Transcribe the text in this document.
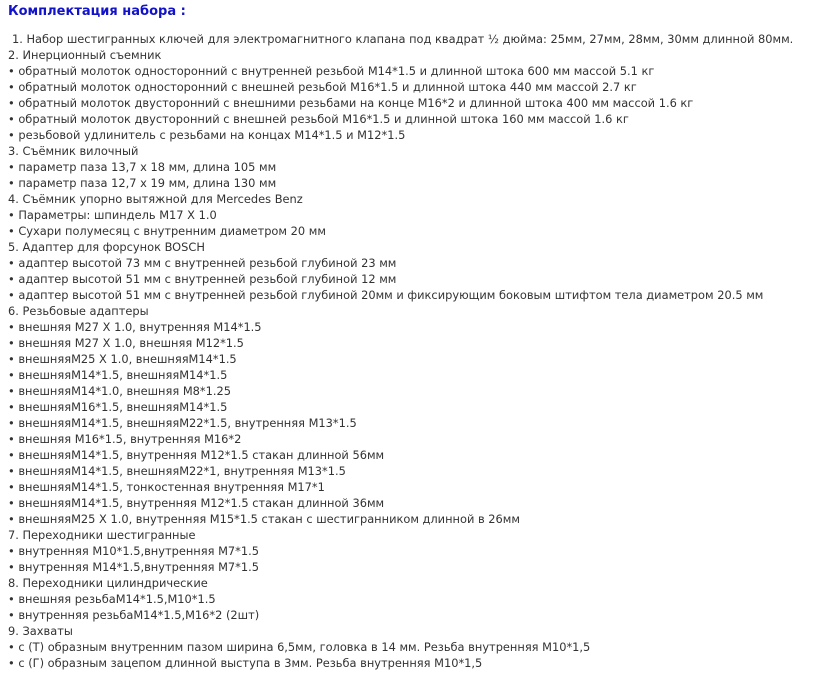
Комплектация набора :
1. Набор шестигранных ключей для электромагнитного клапана под квадрат ½ дюйма: 25мм, 27мм, 28мм, 30мм длинной 80мм.
2. Инерционный съемник
• обратный молоток односторонний с внутренней резьбой М14*1.5 и длинной штока 600 мм массой 5.1 кг
• обратный молоток односторонний с внешней резьбой М16*1.5 и длинной штока 440 мм массой 2.7 кг
• обратный молоток двусторонний с внешними резьбами на конце М16*2 и длинной штока 400 мм массой 1.6 кг
• обратный молоток двусторонний с внешней резьбой М16*1.5 и длинной штока 160 мм массой 1.6 кг
• резьбовой удлинитель с резьбами на концах М14*1.5 и М12*1.5
3. Съёмник вилочный
• параметр паза 13,7 х 18 мм, длина 105 мм
• параметр паза 12,7 х 19 мм, длина 130 мм
4. Съёмник упорно вытяжной для Mercedes Benz
• Параметры: шпиндель М17 X 1.0
• Сухари полумесяц с внутренним диаметром 20 мм
5. Адаптер для форсунок BOSCH
• адаптер высотой 73 мм с внутренней резьбой глубиной 23 мм
• адаптер высотой 51 мм с внутренней резьбой глубиной 12 мм
• адаптер высотой 51 мм с внутренней резьбой глубиной 20мм и фиксирующим боковым штифтом тела диаметром 20.5 мм
6. Резьбовые адаптеры
• внешняя М27 X 1.0, внутренняя М14*1.5
• внешняя М27 X 1.0, внешняя М12*1.5
• внешняяМ25 X 1.0, внешняяМ14*1.5
• внешняяМ14*1.5, внешняяМ14*1.5
• внешняяМ14*1.0, внешняя М8*1.25
• внешняяМ16*1.5, внешняяМ14*1.5
• внешняяМ14*1.5, внешняяМ22*1.5, внутренняя М13*1.5
• внешняя М16*1.5, внутренняя М16*2
• внешняяМ14*1.5, внутренняя М12*1.5 стакан длинной 56мм
• внешняяМ14*1.5, внешняяМ22*1, внутренняя М13*1.5
• внешняяМ14*1.5, тонкостенная внутренняя М17*1
• внешняяМ14*1.5, внутренняя М12*1.5 стакан длинной 36мм
• внешняяМ25 X 1.0, внутренняя М15*1.5 стакан с шестигранником длинной в 26мм
7. Переходники шестигранные
• внутренняя М10*1.5,внутренняя М7*1.5
• внутренняя М14*1.5,внутренняя М7*1.5
8. Переходники цилиндрические
• внешняя резьбаМ14*1.5,М10*1.5
• внутренняя резьбаМ14*1.5,М16*2 (2шт)
9. Захваты
• с (Т) образным внутренним пазом ширина 6,5мм, головка в 14 мм. Резьба внутренняя М10*1,5
• с (Г) образным зацепом длинной выступа в 3мм. Резьба внутренняя М10*1,5
